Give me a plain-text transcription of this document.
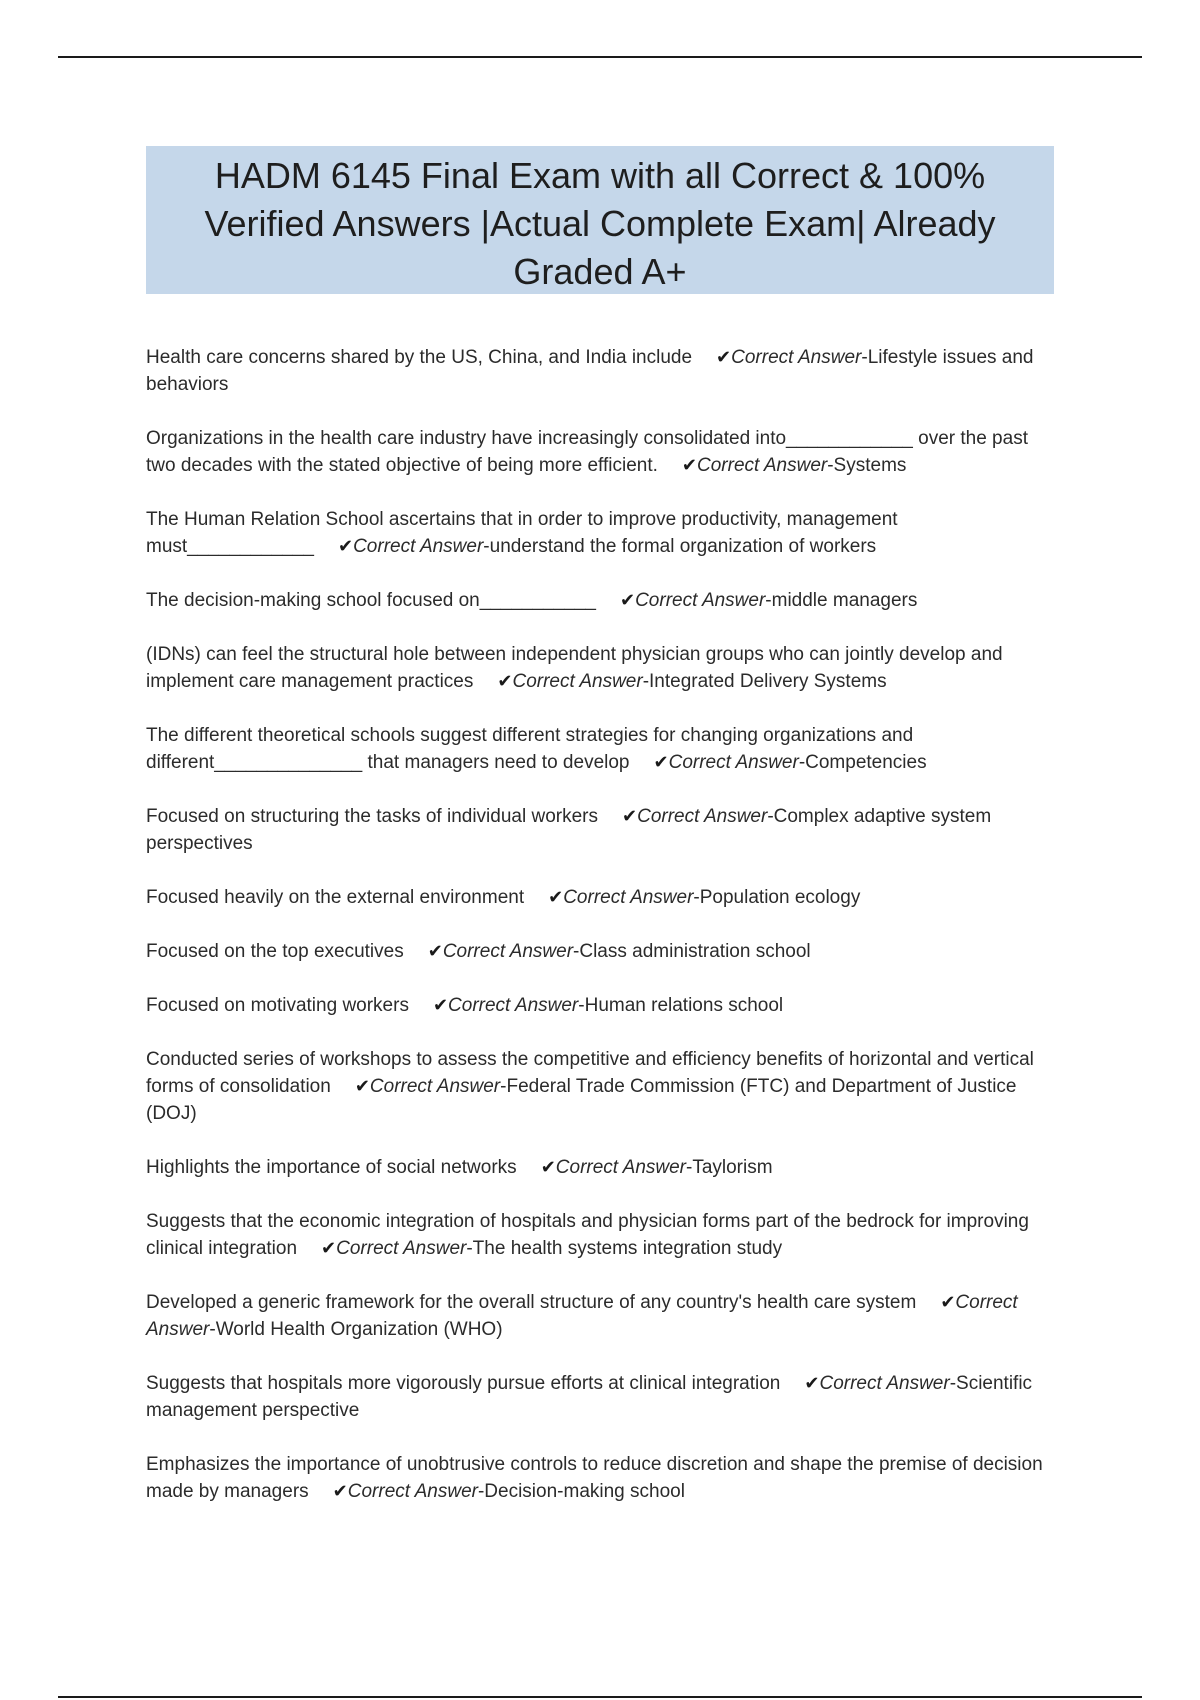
HADM 6145 Final Exam with all Correct & 100% Verified Answers |Actual Complete Exam| Already Graded A+
Health care concerns shared by the US, China, and India include ✔Correct Answer-Lifestyle issues and behaviors
Organizations in the health care industry have increasingly consolidated into____________ over the past two decades with the stated objective of being more efficient. ✔Correct Answer-Systems
The Human Relation School ascertains that in order to improve productivity, management must____________ ✔Correct Answer-understand the formal organization of workers
The decision-making school focused on___________ ✔Correct Answer-middle managers
(IDNs) can feel the structural hole between independent physician groups who can jointly develop and implement care management practices ✔Correct Answer-Integrated Delivery Systems
The different theoretical schools suggest different strategies for changing organizations and different______________ that managers need to develop ✔Correct Answer-Competencies
Focused on structuring the tasks of individual workers ✔Correct Answer-Complex adaptive system perspectives
Focused heavily on the external environment ✔Correct Answer-Population ecology
Focused on the top executives ✔Correct Answer-Class administration school
Focused on motivating workers ✔Correct Answer-Human relations school
Conducted series of workshops to assess the competitive and efficiency benefits of horizontal and vertical forms of consolidation ✔Correct Answer-Federal Trade Commission (FTC) and Department of Justice (DOJ)
Highlights the importance of social networks ✔Correct Answer-Taylorism
Suggests that the economic integration of hospitals and physician forms part of the bedrock for improving clinical integration ✔Correct Answer-The health systems integration study
Developed a generic framework for the overall structure of any country's health care system ✔Correct Answer-World Health Organization (WHO)
Suggests that hospitals more vigorously pursue efforts at clinical integration ✔Correct Answer-Scientific management perspective
Emphasizes the importance of unobtrusive controls to reduce discretion and shape the premise of decision made by managers ✔Correct Answer-Decision-making school
